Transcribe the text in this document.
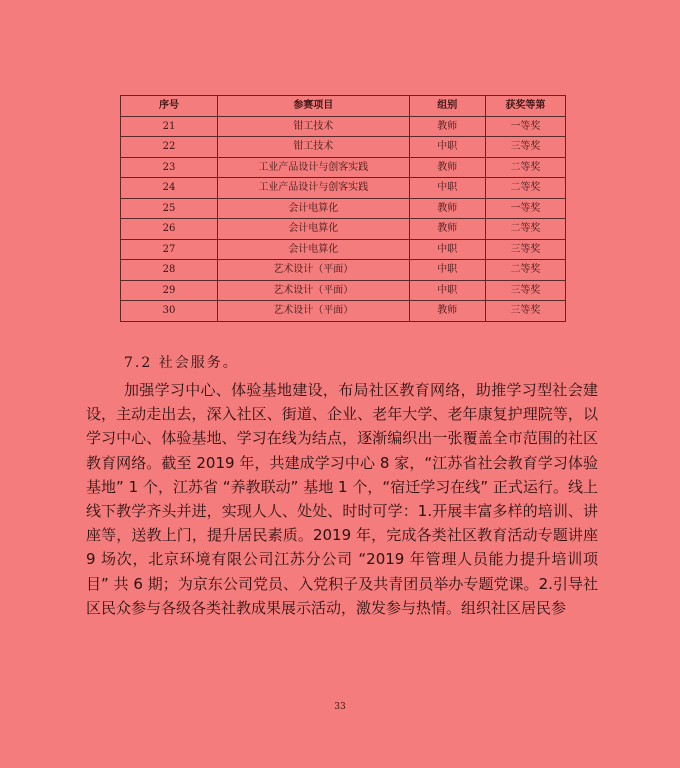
序号	参赛项目	组别	获奖等第
21	钳工技术	教师	一等奖
22	钳工技术	中职	三等奖
23	工业产品设计与创客实践	教师	二等奖
24	工业产品设计与创客实践	中职	二等奖
25	会计电算化	教师	一等奖
26	会计电算化	教师	二等奖
27	会计电算化	中职	三等奖
28	艺术设计（平面）	中职	二等奖
29	艺术设计（平面）	中职	三等奖
30	艺术设计（平面）	教师	三等奖
7.2 社会服务。

加强学习中心、体验基地建设，布局社区教育网络，助推学习型社会建设，主动走出去，深入社区、街道、企业、老年大学、老年康复护理院等，以学习中心、体验基地、学习在线为结点，逐渐编织出一张覆盖全市范围的社区教育网络。截至 2019 年，共建成学习中心 8 家，“江苏省社会教育学习体验基地” 1 个，江苏省 “养教联动” 基地 1 个，“宿迁学习在线” 正式运行。线上线下教学齐头并进，实现人人、处处、时时可学：1.开展丰富多样的培训、讲座等，送教上门，提升居民素质。2019 年，完成各类社区教育活动专题讲座 9 场次，北京环境有限公司江苏分公司 “2019 年管理人员能力提升培训项目” 共 6 期；为京东公司党员、入党积子及共青团员举办专题党课。2.引导社区民众参与各级各类社教成果展示活动，激发参与热情。组织社区居民参

33
